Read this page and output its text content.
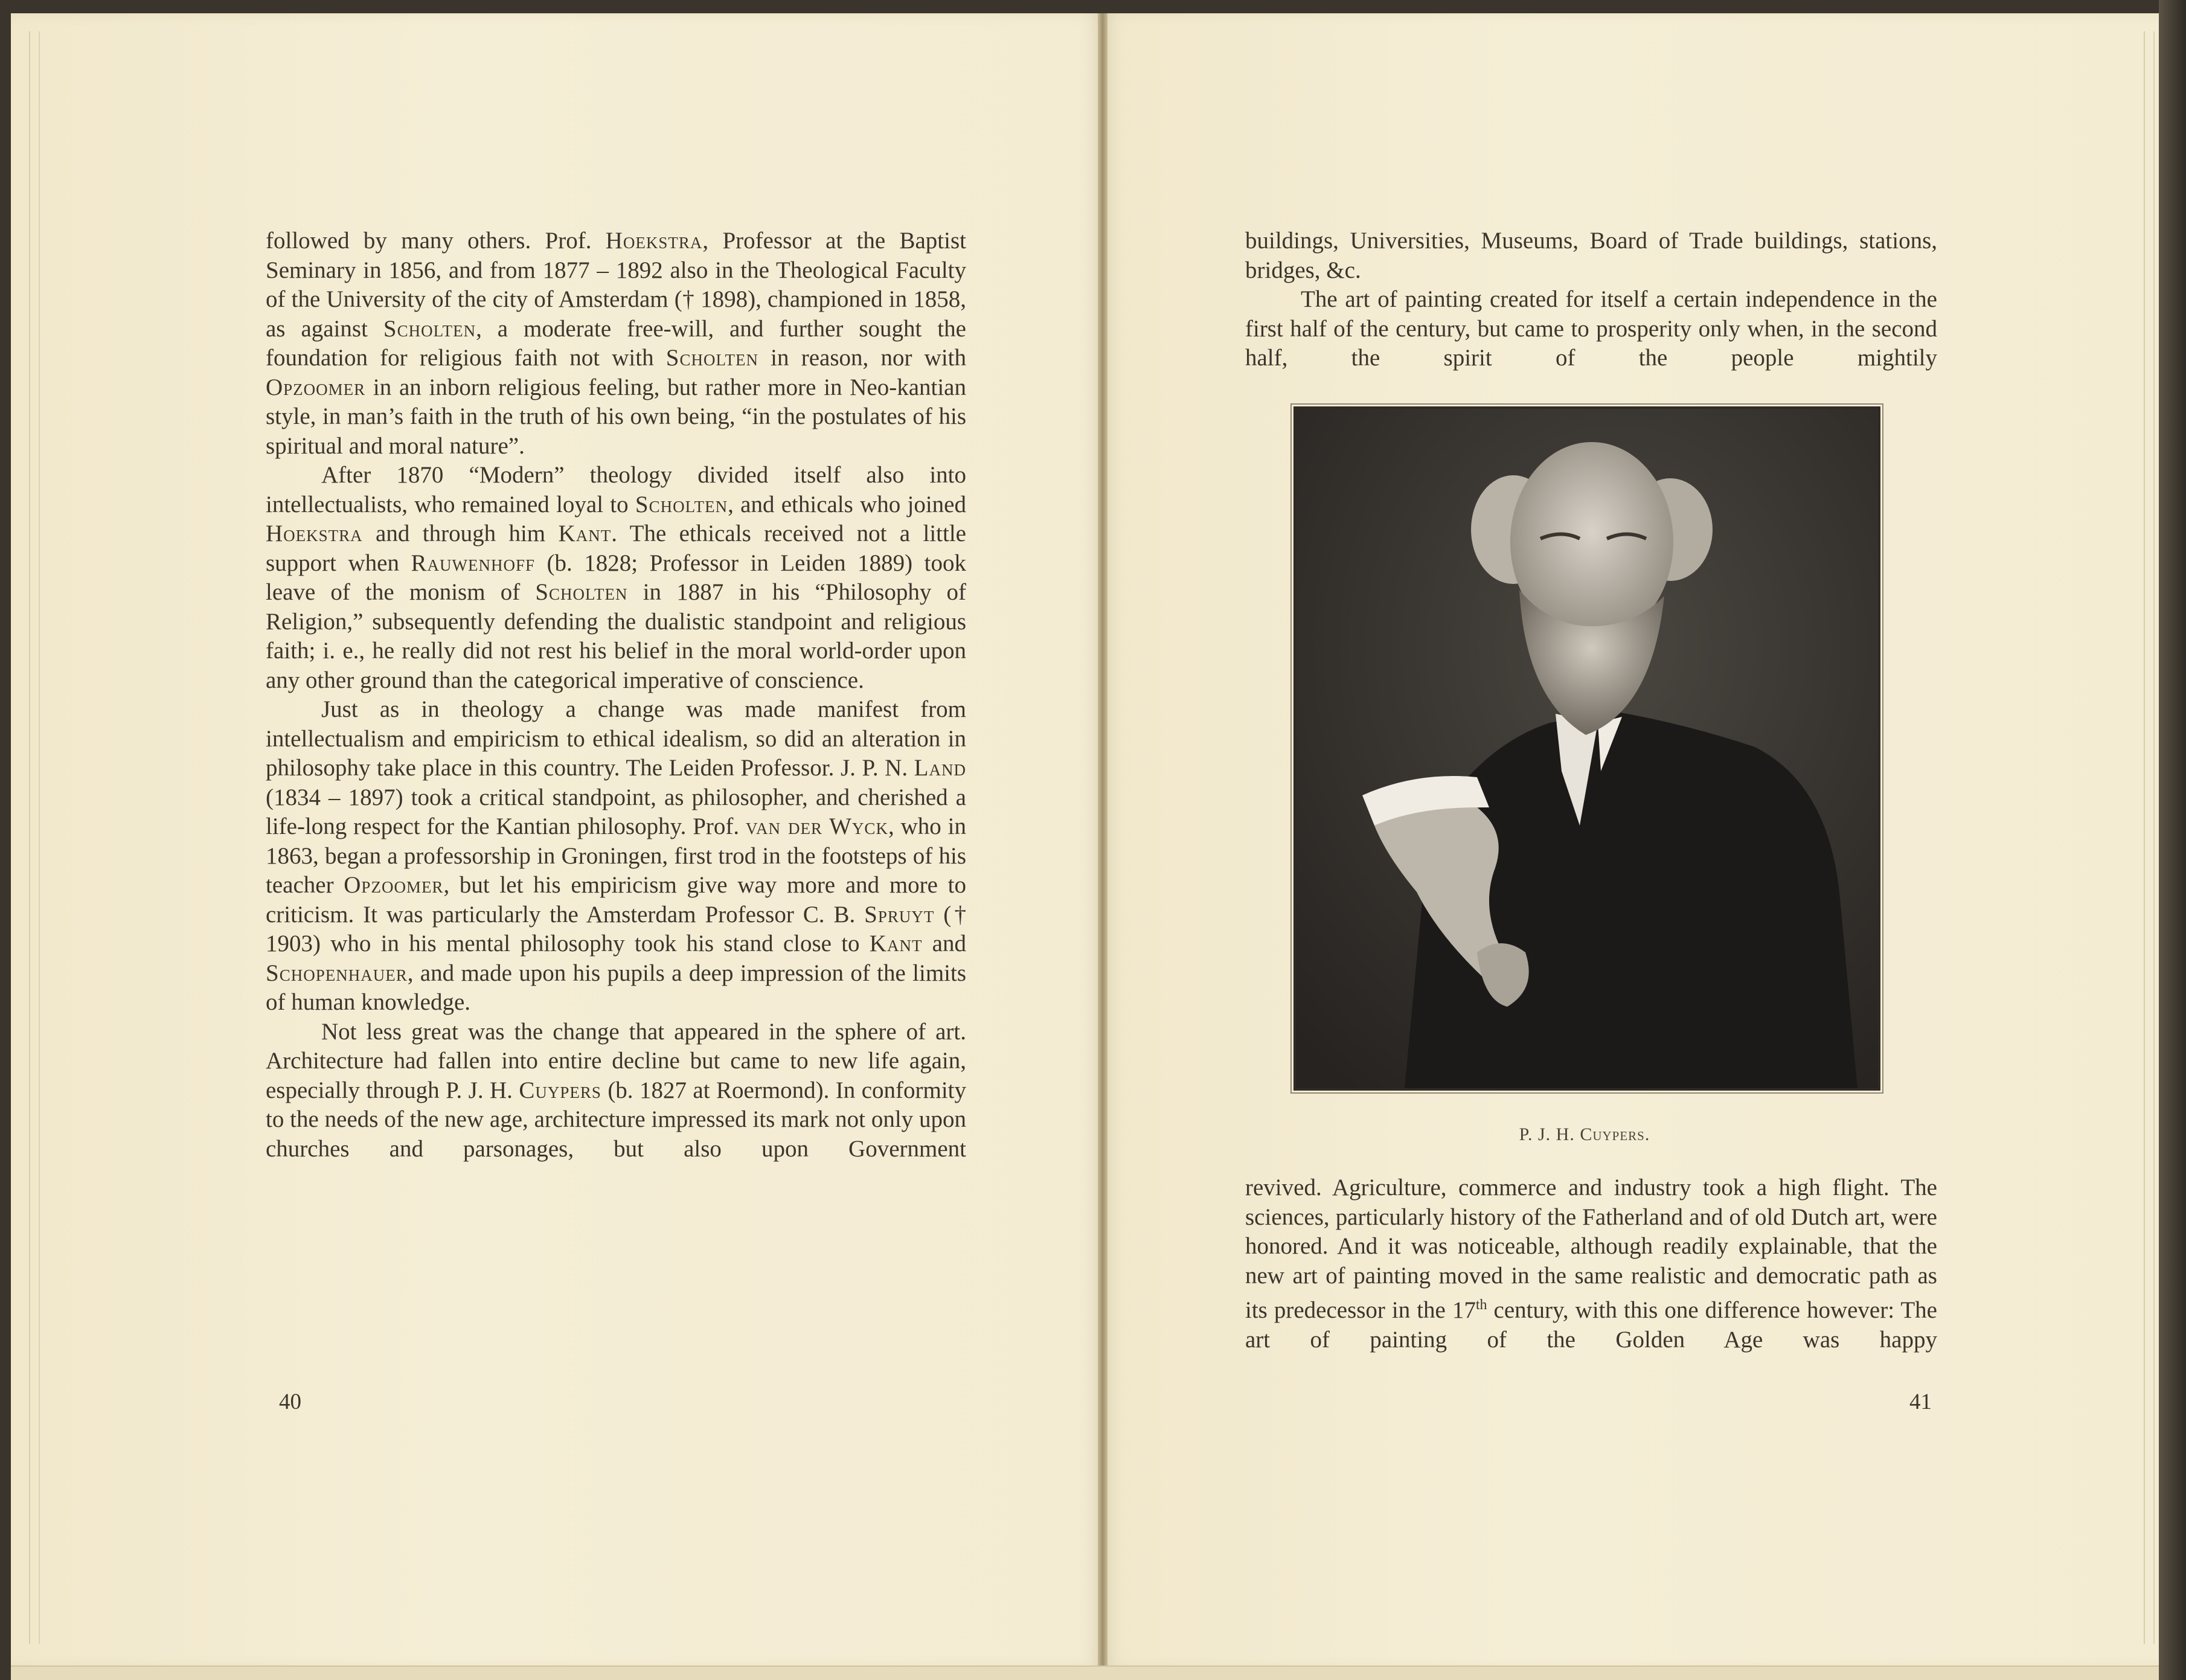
followed by many others. Prof. Hoekstra, Professor at the Baptist Seminary in 1856, and from 1877 – 1892 also in the Theological Faculty of the University of the city of Amsterdam († 1898), championed in 1858, as against Scholten, a moderate free-will, and further sought the foundation for religious faith not with Scholten in reason, nor with Opzoomer in an inborn religious feeling, but rather more in Neo-kantian style, in man’s faith in the truth of his own being, “in the postulates of his spiritual and moral nature”.

After 1870 “Modern” theology divided itself also into intellectualists, who remained loyal to Scholten, and ethicals who joined Hoekstra and through him Kant. The ethicals received not a little support when Rauwenhoff (b. 1828; Professor in Leiden 1889) took leave of the monism of Scholten in 1887 in his “Philosophy of Religion,” subsequently defending the dualistic standpoint and religious faith; i. e., he really did not rest his belief in the moral world-order upon any other ground than the categorical imperative of conscience.

Just as in theology a change was made manifest from intellectualism and empiricism to ethical idealism, so did an alteration in philosophy take place in this country. The Leiden Professor. J. P. N. Land (1834 – 1897) took a critical standpoint, as philosopher, and cherished a life-long respect for the Kantian philosophy. Prof. van der Wyck, who in 1863, began a professorship in Groningen, first trod in the footsteps of his teacher Opzoomer, but let his empiricism give way more and more to criticism. It was particularly the Amsterdam Professor C. B. Spruyt († 1903) who in his mental philosophy took his stand close to Kant and Schopenhauer, and made upon his pupils a deep impression of the limits of human knowledge.

Not less great was the change that appeared in the sphere of art. Architecture had fallen into entire decline but came to new life again, especially through P. J. H. Cuypers (b. 1827 at Roermond). In conformity to the needs of the new age, architecture impressed its mark not only upon churches and parsonages, but also upon Government

40

buildings, Universities, Museums, Board of Trade buildings, stations, bridges, &c.

The art of painting created for itself a certain independence in the first half of the century, but came to prosperity only when, in the second half, the spirit of the people mightily

P. J. H. Cuypers.

revived. Agriculture, commerce and industry took a high flight. The sciences, particularly history of the Fatherland and of old Dutch art, were honored. And it was noticeable, although readily explainable, that the new art of painting moved in the same realistic and democratic path as its predecessor in the 17th century, with this one difference however: The art of painting of the Golden Age was happy

41
